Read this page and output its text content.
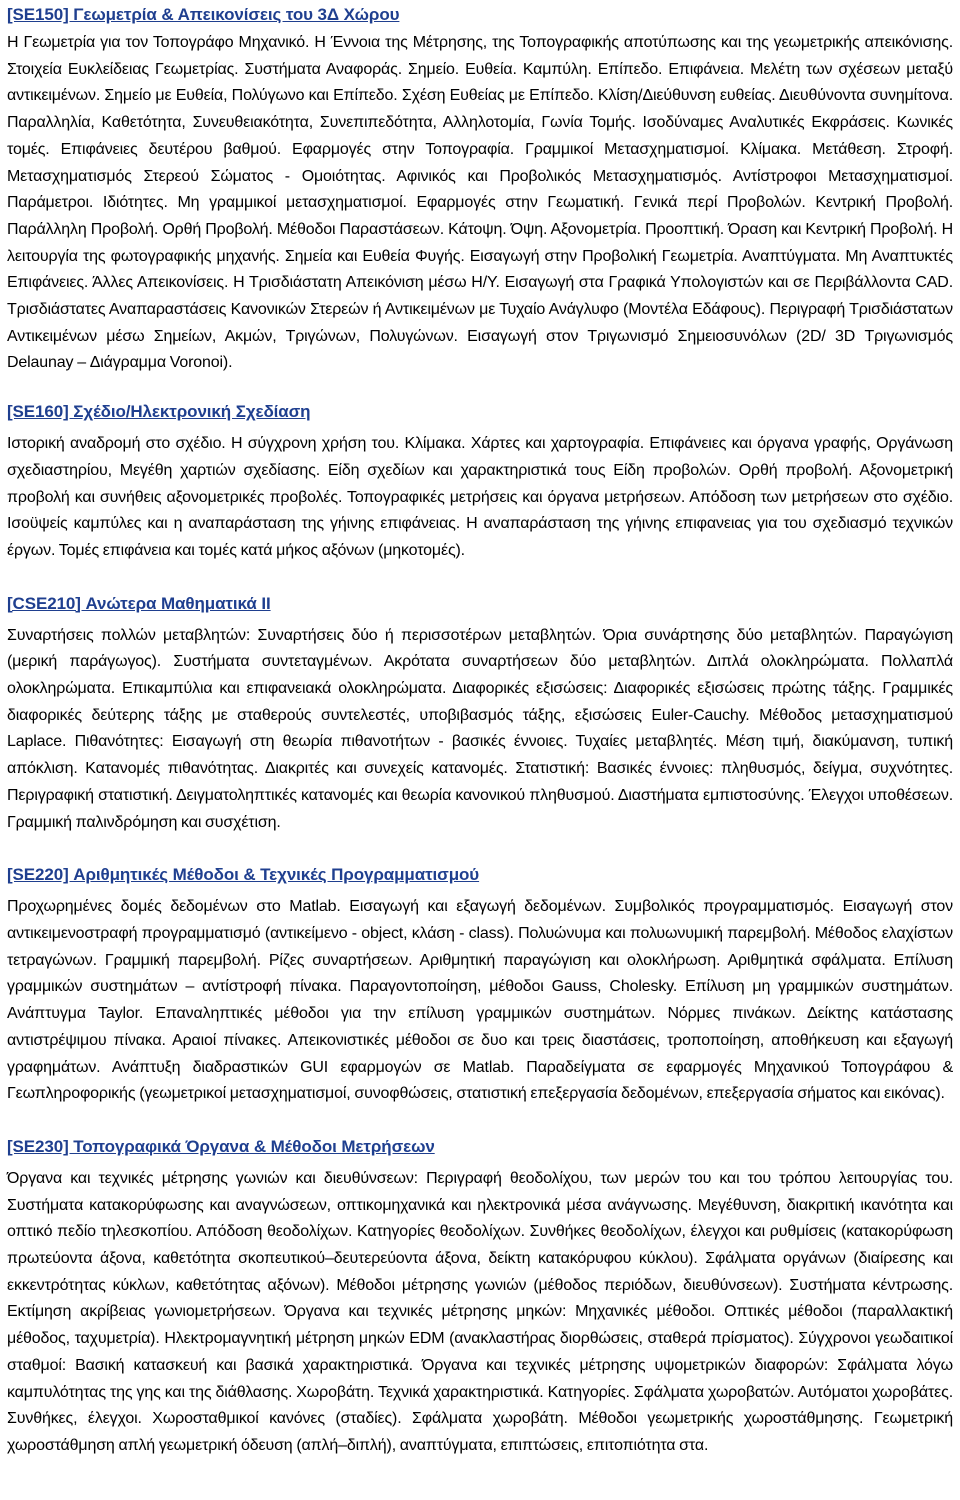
[SE150] Γεωμετρία & Απεικονίσεις του 3Δ Χώρου
Η Γεωμετρία για τον Τοπογράφο Μηχανικό. Η Έννοια της Μέτρησης, της Τοπογραφικής αποτύπωσης και της γεωμετρικής απεικόνισης. Στοιχεία Ευκλείδειας Γεωμετρίας. Συστήματα Αναφοράς. Σημείο. Ευθεία. Καμπύλη. Επίπεδο. Επιφάνεια. Μελέτη των σχέσεων μεταξύ αντικειμένων. Σημείο με Ευθεία, Πολύγωνο και Επίπεδο. Σχέση Ευθείας με Επίπεδο. Κλίση/Διεύθυνση ευθείας. Διευθύνοντα συνημίτονα. Παραλληλία, Καθετότητα, Συνευθειακότητα, Συνεπιπεδότητα, Αλληλοτομία, Γωνία Τομής. Ισοδύναμες Αναλυτικές Εκφράσεις. Κωνικές τομές. Επιφάνειες δευτέρου βαθμού. Εφαρμογές στην Τοπογραφία. Γραμμικοί Μετασχηματισμοί. Κλίμακα. Μετάθεση. Στροφή. Μετασχηματισμός Στερεού Σώματος - Ομοιότητας. Αφινικός και Προβολικός Μετασχηματισμός. Αντίστροφοι Μετασχηματισμοί. Παράμετροι. Ιδιότητες. Μη γραμμικοί μετασχηματισμοί. Εφαρμογές στην Γεωματική. Γενικά περί Προβολών. Κεντρική Προβολή. Παράλληλη Προβολή. Ορθή Προβολή. Μέθοδοι Παραστάσεων. Κάτοψη. Όψη. Αξονομετρία. Προοπτική. Όραση και Κεντρική Προβολή. Η λειτουργία της φωτογραφικής μηχανής. Σημεία και Ευθεία Φυγής. Εισαγωγή στην Προβολική Γεωμετρία. Αναπτύγματα. Μη Αναπτυκτές Επιφάνειες. Άλλες Απεικονίσεις. Η Τρισδιάστατη Απεικόνιση μέσω Η/Υ. Εισαγωγή στα Γραφικά Υπολογιστών και σε Περιβάλλοντα CAD. Τρισδιάστατες Αναπαραστάσεις Κανονικών Στερεών ή Αντικειμένων με Τυχαίο Ανάγλυφο (Μοντέλα Εδάφους). Περιγραφή Τρισδιάστατων Αντικειμένων μέσω Σημείων, Ακμών, Τριγώνων, Πολυγώνων. Εισαγωγή στον Τριγωνισμό Σημειοσυνόλων (2D/ 3D Τριγωνισμός Delaunay – Διάγραμμα Voronoi).
[SE160] Σχέδιο/Ηλεκτρονική Σχεδίαση
Ιστορική αναδρομή στο σχέδιο. Η σύγχρονη χρήση του. Κλίμακα. Χάρτες και χαρτογραφία. Επιφάνειες και όργανα γραφής, Οργάνωση σχεδιαστηρίου, Μεγέθη χαρτιών σχεδίασης. Είδη σχεδίων και χαρακτηριστικά τους Είδη προβολών. Ορθή προβολή. Αξονομετρική προβολή και συνήθεις αξονομετρικές προβολές. Τοπογραφικές μετρήσεις και όργανα μετρήσεων. Απόδοση των μετρήσεων στο σχέδιο. Ισοϋψείς καμπύλες και η αναπαράσταση της γήινης επιφάνειας. Η αναπαράσταση της γήινης επιφανειας για του σχεδιασμό τεχνικών έργων. Τομές επιφάνεια και τομές κατά μήκος αξόνων (μηκοτομές).
[CSE210] Ανώτερα Μαθηματικά ΙΙ
Συναρτήσεις πολλών μεταβλητών: Συναρτήσεις δύο ή περισσοτέρων μεταβλητών. Όρια συνάρτησης δύο μεταβλητών. Παραγώγιση (μερική παράγωγος). Συστήματα συντεταγμένων. Ακρότατα συναρτήσεων δύο μεταβλητών. Διπλά ολοκληρώματα. Πολλαπλά ολοκληρώματα. Επικαμπύλια και επιφανειακά ολοκληρώματα. Διαφορικές εξισώσεις: Διαφορικές εξισώσεις πρώτης τάξης. Γραμμικές διαφορικές δεύτερης τάξης με σταθερούς συντελεστές, υποβιβασμός τάξης, εξισώσεις Euler-Cauchy. Μέθοδος μετασχηματισμού Laplace. Πιθανότητες: Εισαγωγή στη θεωρία πιθανοτήτων - βασικές έννοιες. Τυχαίες μεταβλητές. Μέση τιμή, διακύμανση, τυπική απόκλιση. Κατανομές πιθανότητας. Διακριτές και συνεχείς κατανομές. Στατιστική: Βασικές έννοιες: πληθυσμός, δείγμα, συχνότητες. Περιγραφική στατιστική. Δειγματοληπτικές κατανομές και θεωρία κανονικού πληθυσμού. Διαστήματα εμπιστοσύνης. Έλεγχοι υποθέσεων. Γραμμική παλινδρόμηση και συσχέτιση.
[SE220] Αριθμητικές Μέθοδοι & Τεχνικές Προγραμματισμού
Προχωρημένες δομές δεδομένων στο Matlab. Εισαγωγή και εξαγωγή δεδομένων. Συμβολικός προγραμματισμός. Εισαγωγή στον αντικειμενοστραφή προγραμματισμό (αντικείμενο - object, κλάση - class). Πολυώνυμα και πολυωνυμική παρεμβολή. Μέθοδος ελαχίστων τετραγώνων. Γραμμική παρεμβολή. Ρίζες συναρτήσεων. Αριθμητική παραγώγιση και ολοκλήρωση. Αριθμητικά σφάλματα. Επίλυση γραμμικών συστημάτων – αντίστροφή πίνακα. Παραγοντοποίηση, μέθοδοι Gauss, Cholesky. Επίλυση μη γραμμικών συστημάτων. Ανάπτυγμα Taylor. Επαναληπτικές μέθοδοι για την επίλυση γραμμικών συστημάτων. Νόρμες πινάκων. Δείκτης κατάστασης αντιστρέψιμου πίνακα. Αραιοί πίνακες. Απεικονιστικές μέθοδοι σε δυο και τρεις διαστάσεις, τροποποίηση, αποθήκευση και εξαγωγή γραφημάτων. Ανάπτυξη διαδραστικών GUI εφαρμογών σε Matlab. Παραδείγματα σε εφαρμογές Μηχανικού Τοπογράφου & Γεωπληροφορικής (γεωμετρικοί μετασχηματισμοί, συνοφθώσεις, στατιστική επεξεργασία δεδομένων, επεξεργασία σήματος και εικόνας).
[SE230] Τοπογραφικά Όργανα & Μέθοδοι Μετρήσεων
Όργανα και τεχνικές μέτρησης γωνιών και διευθύνσεων: Περιγραφή θεοδολίχου, των μερών του και του τρόπου λειτουργίας του. Συστήματα κατακορύφωσης και αναγνώσεων, οπτικομηχανικά και ηλεκτρονικά μέσα ανάγνωσης. Μεγέθυνση, διακριτική ικανότητα και οπτικό πεδίο τηλεσκοπίου. Απόδοση θεοδολίχων. Κατηγορίες θεοδολίχων. Συνθήκες θεοδολίχων, έλεγχοι και ρυθμίσεις (κατακορύφωση πρωτεύοντα άξονα, καθετότητα σκοπευτικού–δευτερεύοντα άξονα, δείκτη κατακόρυφου κύκλου). Σφάλματα οργάνων (διαίρεσης και εκκεντρότητας κύκλων, καθετότητας αξόνων). Μέθοδοι μέτρησης γωνιών (μέθοδος περιόδων, διευθύνσεων). Συστήματα κέντρωσης. Εκτίμηση ακρίβειας γωνιομετρήσεων. Όργανα και τεχνικές μέτρησης μηκών: Μηχανικές μέθοδοι. Οπτικές μέθοδοι (παραλλακτική μέθοδος, ταχυμετρία). Ηλεκτρομαγνητική μέτρηση μηκών EDM (ανακλαστήρας διορθώσεις, σταθερά πρίσματος). Σύγχρονοι γεωδαιτικοί σταθμοί: Βασική κατασκευή και βασικά χαρακτηριστικά. Όργανα και τεχνικές μέτρησης υψομετρικών διαφορών: Σφάλματα λόγω καμπυλότητας της γης και της διάθλασης. Χωροβάτη. Τεχνικά χαρακτηριστικά. Κατηγορίες. Σφάλματα χωροβατών. Αυτόματοι χωροβάτες. Συνθήκες, έλεγχοι. Χωροσταθμικοί κανόνες (σταδίες). Σφάλματα χωροβάτη. Μέθοδοι γεωμετρικής χωροστάθμησης. Γεωμετρική χωροστάθμηση απλή γεωμετρική όδευση (απλή–διπλή), αναπτύγματα, επιπτώσεις, επιτοπιότητα στα.
